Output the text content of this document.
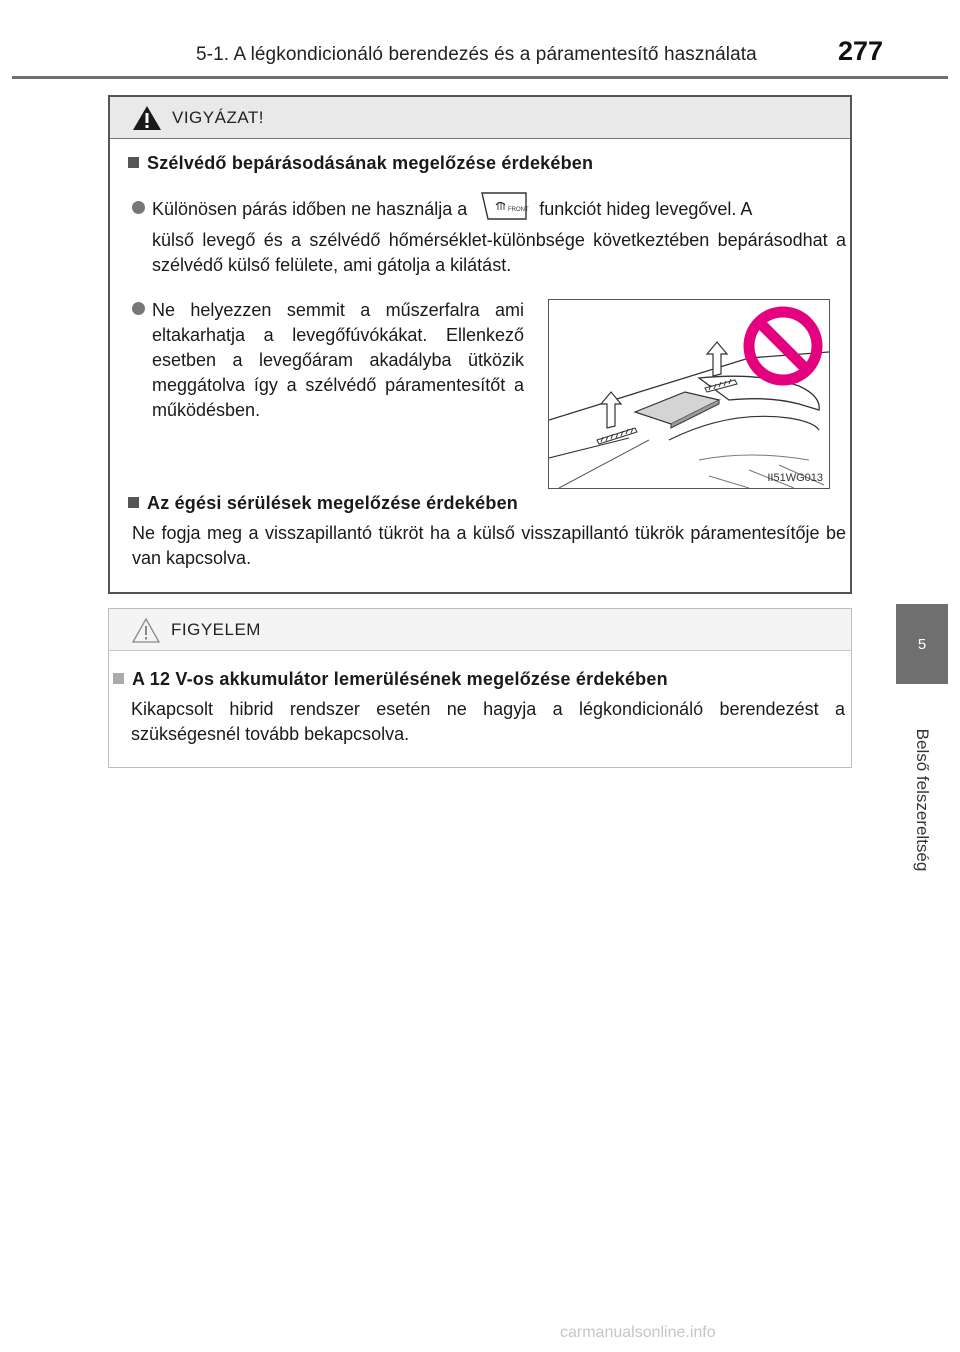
5-1. A légkondicionáló berendezés és a páramentesítő használata	277
5
Belső felszereltség
VIGYÁZAT!
Szélvédő bepárásodásának megelőzése érdekében
Különösen párás időben ne használja a	FRONT funkciót hideg levegővel. A
külső levegő és a szélvédő hőmérséklet-különbsége következtében bepárásodhat a szélvédő külső felülete, ami gátolja a kilátást.
Ne helyezzen semmit a műszerfalra ami eltakarhatja a levegőfúvókákat. Ellenkező esetben a levegőáram akadályba ütközik meggátolva így a szélvédő páramentesítőt a működésben.
II51WG013
Az égési sérülések megelőzése érdekében
Ne fogja meg a visszapillantó tükröt ha a külső visszapillantó tükrök páramentesítője be van kapcsolva.
FIGYELEM
A 12 V-os akkumulátor lemerülésének megelőzése érdekében
Kikapcsolt hibrid rendszer esetén ne hagyja a légkondicionáló berendezést a szükségesnél tovább bekapcsolva.
carmanualsonline.info
